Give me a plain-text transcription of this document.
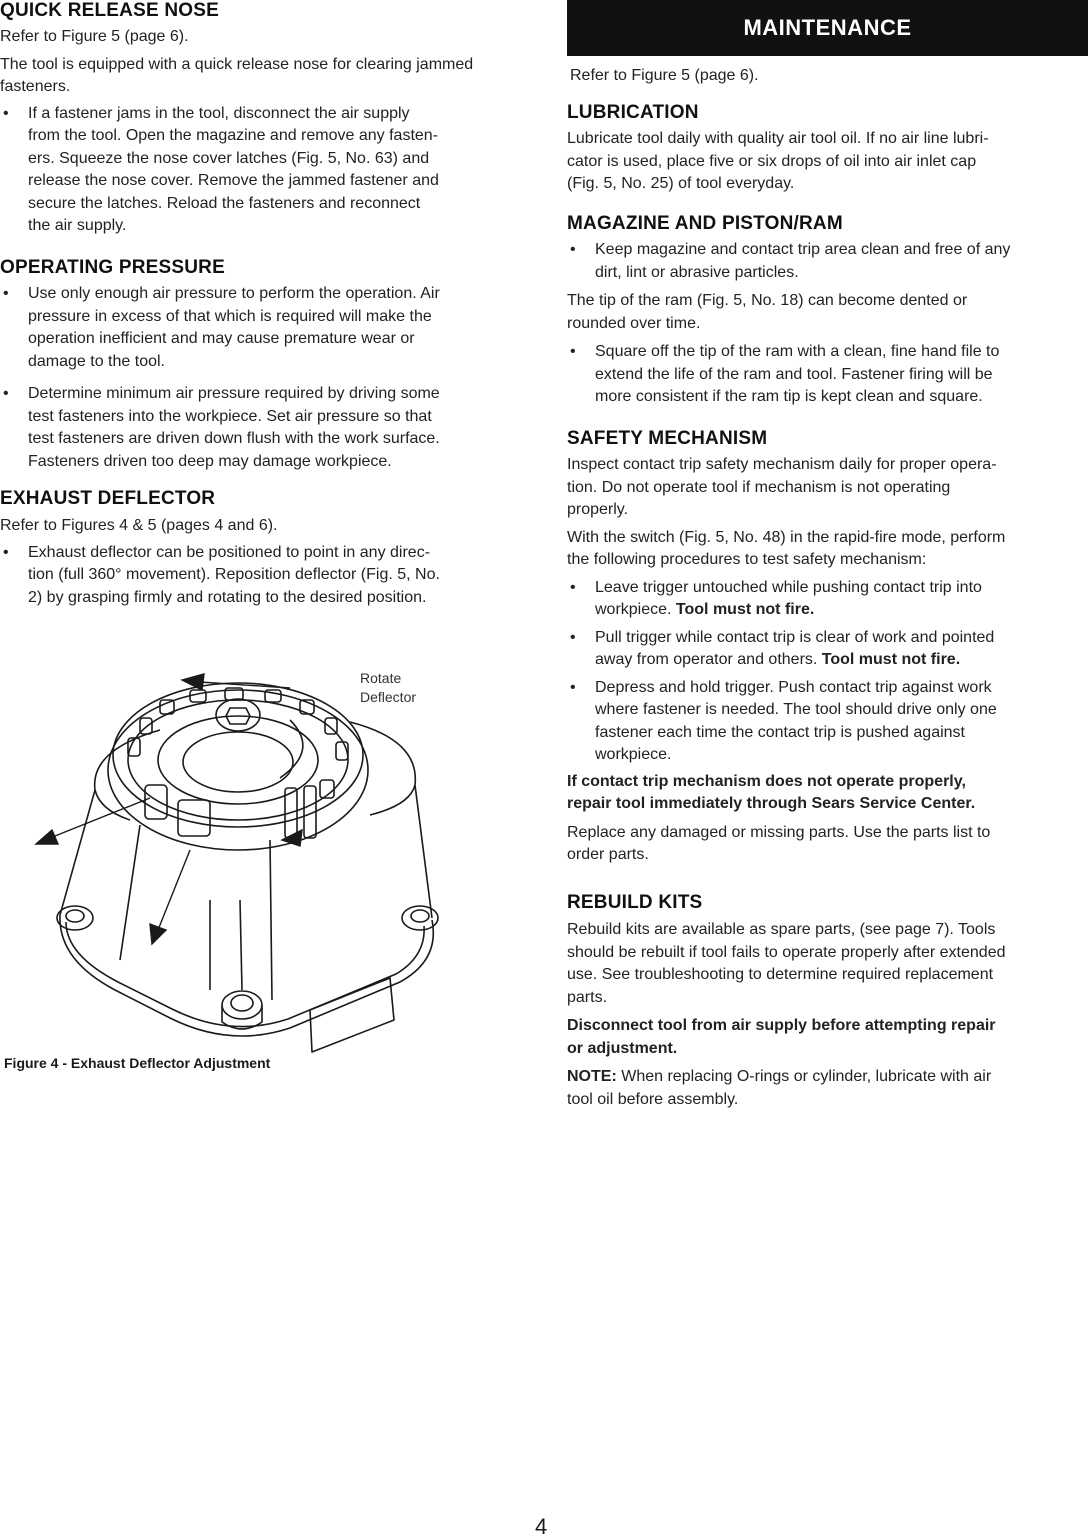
QUICK RELEASE NOSE

Refer to Figure 5 (page 6).

The tool is equipped with a quick release nose for clearing jammed fasteners.

• If a fastener jams in the tool, disconnect the air supply
from the tool. Open the magazine and remove any fasten-
ers. Squeeze the nose cover latches (Fig. 5, No. 63) and
release the nose cover. Remove the jammed fastener and
secure the latches. Reload the fasteners and reconnect
the air supply.
OPERATING PRESSURE
• Use only enough air pressure to perform the operation. Air
pressure in excess of that which is required will make the
operation inefficient and may cause premature wear or
damage to the tool.
• Determine minimum air pressure required by driving some
test fasteners into the workpiece. Set air pressure so that
test fasteners are driven down flush with the work surface.
Fasteners driven too deep may damage workpiece.
EXHAUST DEFLECTOR

Refer to Figures 4 & 5 (pages 4 and 6).

• Exhaust deflector can be positioned to point in any direc-
tion (full 360° movement). Reposition deflector (Fig. 5, No.
2) by grasping firmly and rotating to the desired position.
Rotate
Deflector
Figure 4 - Exhaust Deflector Adjustment
MAINTENANCE

Refer to Figure 5 (page 6).

LUBRICATION

Lubricate tool daily with quality air tool oil. If no air line lubri-
cator is used, place five or six drops of oil into air inlet cap
(Fig. 5, No. 25) of tool everyday.

MAGAZINE AND PISTON/RAM
• Keep magazine and contact trip area clean and free of any
dirt, lint or abrasive particles.

The tip of the ram (Fig. 5, No. 18) can become dented or
rounded over time.

• Square off the tip of the ram with a clean, fine hand file to
extend the life of the ram and tool. Fastener firing will be
more consistent if the ram tip is kept clean and square.
SAFETY MECHANISM

Inspect contact trip safety mechanism daily for proper opera-
tion. Do not operate tool if mechanism is not operating
properly.

With the switch (Fig. 5, No. 48) in the rapid-fire mode, perform
the following procedures to test safety mechanism:

• Leave trigger untouched while pushing contact trip into
workpiece. Tool must not fire.
• Pull trigger while contact trip is clear of work and pointed
away from operator and others. Tool must not fire.
• Depress and hold trigger. Push contact trip against work
where fastener is needed. The tool should drive only one
fastener each time the contact trip is pushed against
workpiece.

If contact trip mechanism does not operate properly,
repair tool immediately through Sears Service Center.

Replace any damaged or missing parts. Use the parts list to
order parts.

REBUILD KITS

Rebuild kits are available as spare parts, (see page 7). Tools
should be rebuilt if tool fails to operate properly after extended
use. See troubleshooting to determine required replacement
parts.

Disconnect tool from air supply before attempting repair
or adjustment.

NOTE: When replacing O-rings or cylinder, lubricate with air
tool oil before assembly.

4
